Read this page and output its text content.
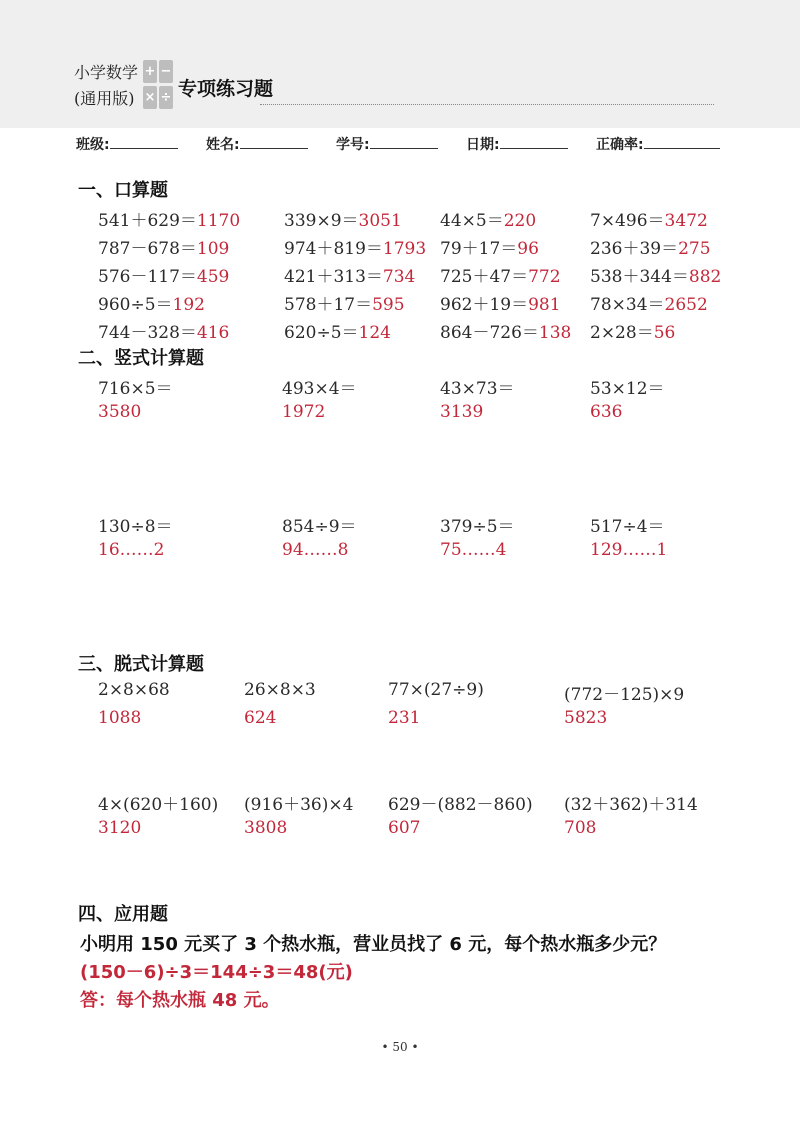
小学数学
(通用版)
+ −
× ÷ 专项练习题
班级:	姓名:	学号:	日期:	正确率:
一、口算题
541＋629＝1170	339×9＝3051 44×5＝220	7×496＝3472
787－678＝109	974＋819＝1793 79＋17＝96	236＋39＝275
576－117＝459	421＋313＝734 725＋47＝772 538＋344＝882
960÷5＝192	578＋17＝595 962＋19＝981 78×34＝2652
744－328＝416	620÷5＝124	864－726＝138 2×28＝56
二、竖式计算题
716×5＝	493×4＝	43×73＝	53×12＝
3580	1972	3139	636
130÷8＝	854÷9＝	379÷5＝	517÷4＝
16……2	94……8	75……4	129……1
三、脱式计算题
2×8×68	26×8×3	77×(27÷9)	(772－125)×9
1088	624	231	5823
4×(620＋160) (916＋36)×4 629－(882－860) (32＋362)＋314
3120	3808	607	708
四、应用题
小明用 150 元买了 3 个热水瓶，营业员找了 6 元，每个热水瓶多少元？
(150－6)÷3＝144÷3＝48(元)
答：每个热水瓶 48 元。
• 50 •
